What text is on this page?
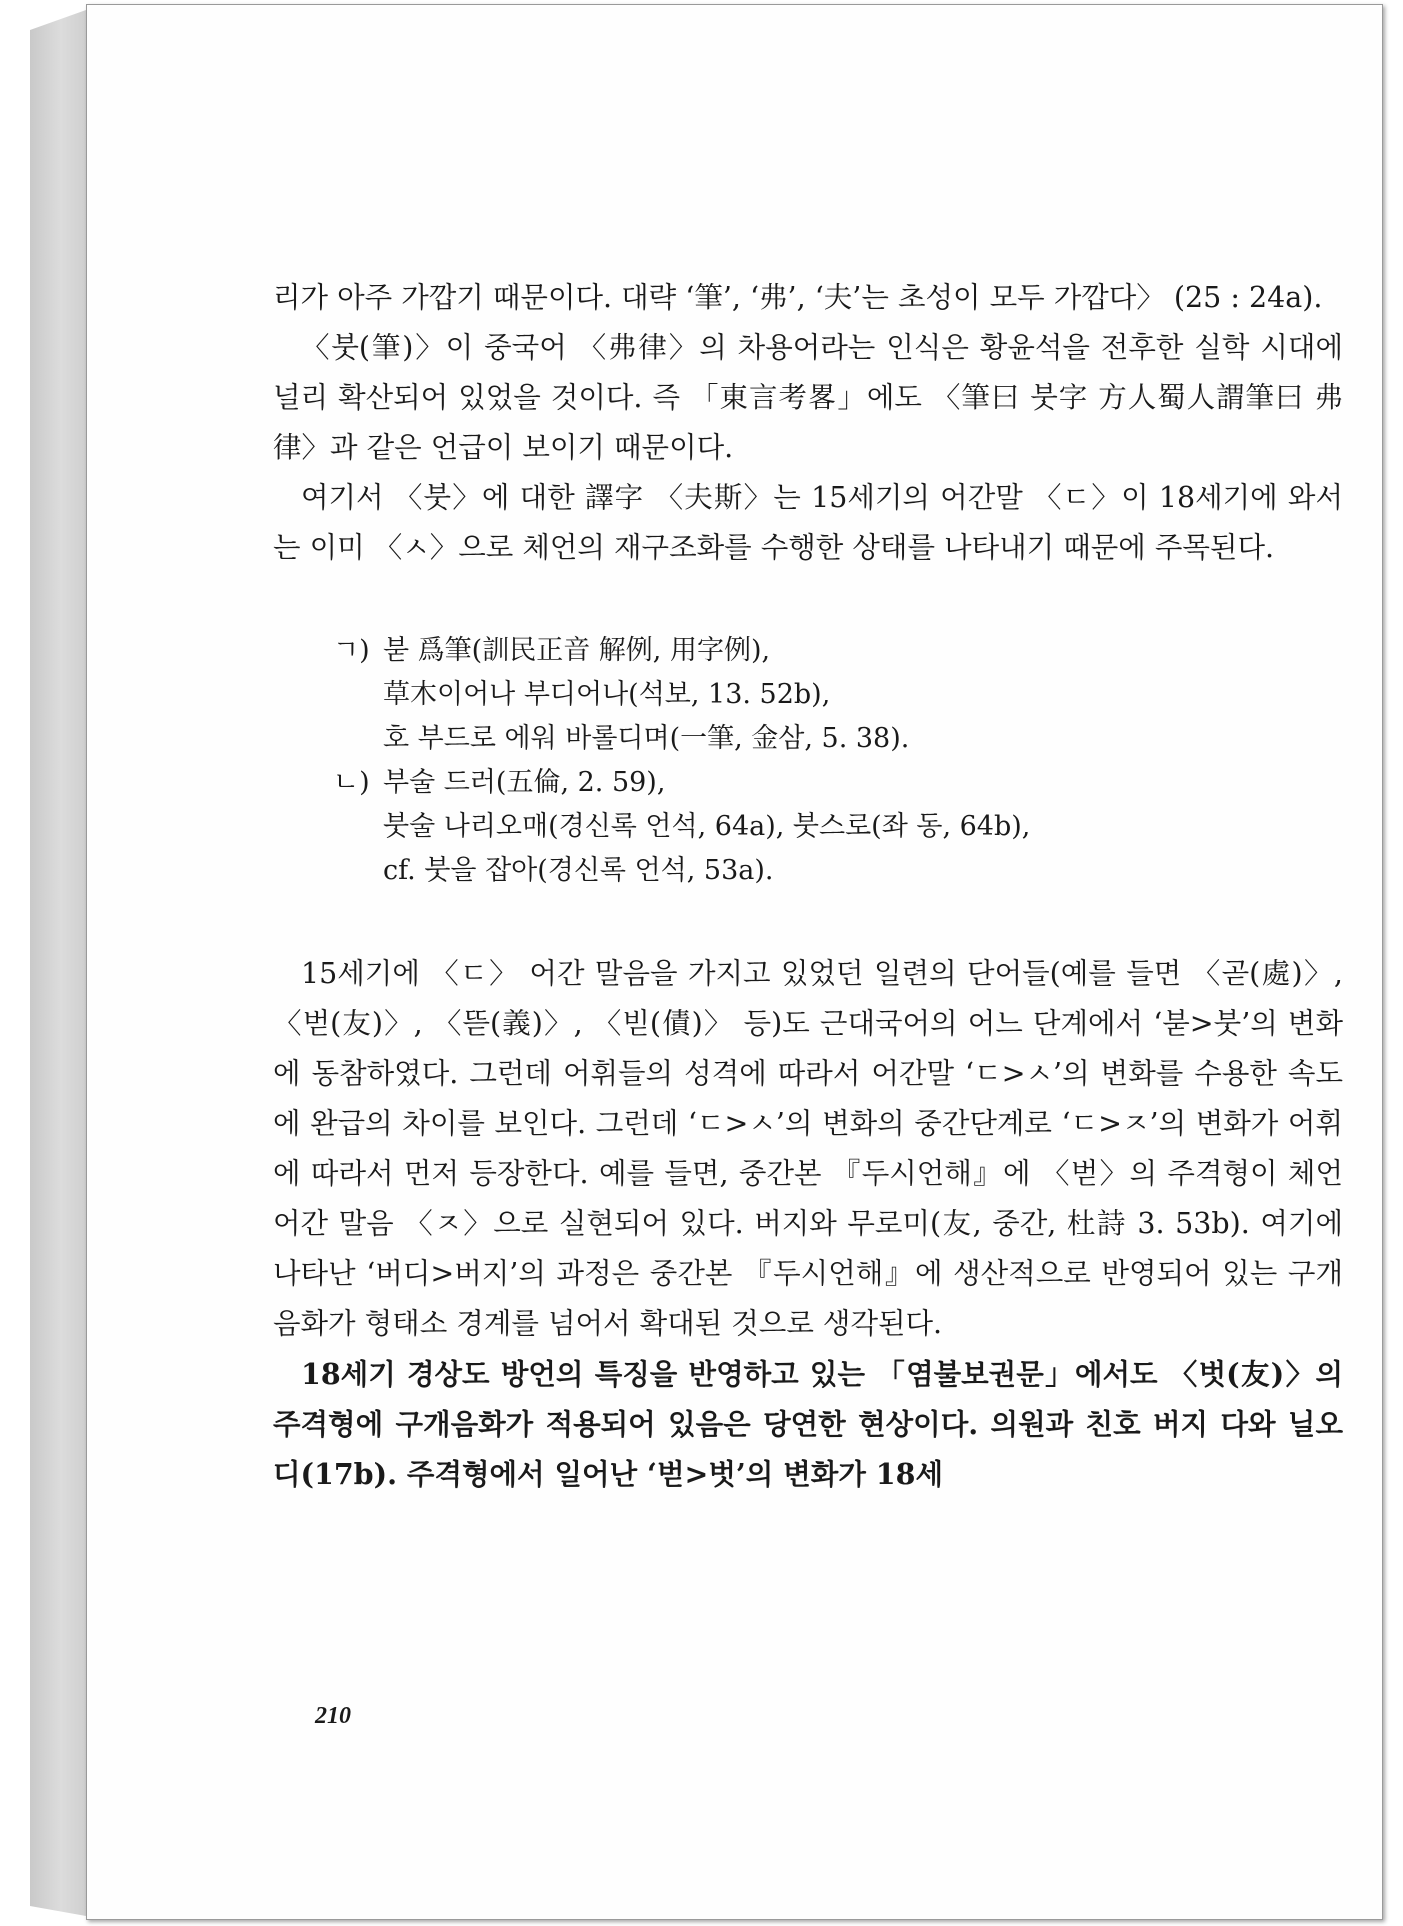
리가 아주 가깝기 때문이다. 대략 ‘筆’, ‘弗’, ‘夫’는 초성이 모두 가깝다〉 (25 : 24a).

〈붓(筆)〉이 중국어 〈弗律〉의 차용어라는 인식은 황윤석을 전후한 실학 시대에 널리 확산되어 있었을 것이다. 즉 「東言考畧」에도 〈筆曰 붓字 方人蜀人謂筆曰 弗律〉과 같은 언급이 보이기 때문이다.

여기서 〈붓〉에 대한 譯字 〈夫斯〉는 15세기의 어간말 〈ㄷ〉이 18세기에 와서는 이미 〈ㅅ〉으로 체언의 재구조화를 수행한 상태를 나타내기 때문에 주목된다.

ㄱ) 붇 爲筆(訓民正音 解例, 用字例),
草木이어나 부디어나(석보, 13. 52b),
호 부드로 에워 바롤디며(一筆, 金삼, 5. 38).
ㄴ) 부술 드러(五倫, 2. 59),
붓술 나리오매(경신록 언석, 64a), 붓스로(좌 동, 64b),
cf. 붓을 잡아(경신록 언석, 53a).

15세기에 〈ㄷ〉 어간 말음을 가지고 있었던 일련의 단어들(예를 들면 〈곧(處)〉, 〈벋(友)〉, 〈뜯(義)〉, 〈빋(債)〉 등)도 근대국어의 어느 단계에서 ‘붇>붓’의 변화에 동참하였다. 그런데 어휘들의 성격에 따라서 어간말 ‘ㄷ>ㅅ’의 변화를 수용한 속도에 완급의 차이를 보인다. 그런데 ‘ㄷ>ㅅ’의 변화의 중간단계로 ‘ㄷ>ㅈ’의 변화가 어휘에 따라서 먼저 등장한다. 예를 들면, 중간본 『두시언해』에 〈벋〉의 주격형이 체언어간 말음 〈ㅈ〉으로 실현되어 있다. 버지와 무로미(友, 중간, 杜詩 3. 53b). 여기에 나타난 ‘버디>버지’의 과정은 중간본 『두시언해』에 생산적으로 반영되어 있는 구개음화가 형태소 경계를 넘어서 확대된 것으로 생각된다.

18세기 경상도 방언의 특징을 반영하고 있는 「염불보권문」에서도 〈벗(友)〉의 주격형에 구개음화가 적용되어 있음은 당연한 현상이다. 의원과 친호 버지 다와 닐오디(17b). 주격형에서 일어난 ‘벋>벗’의 변화가 18세

210
